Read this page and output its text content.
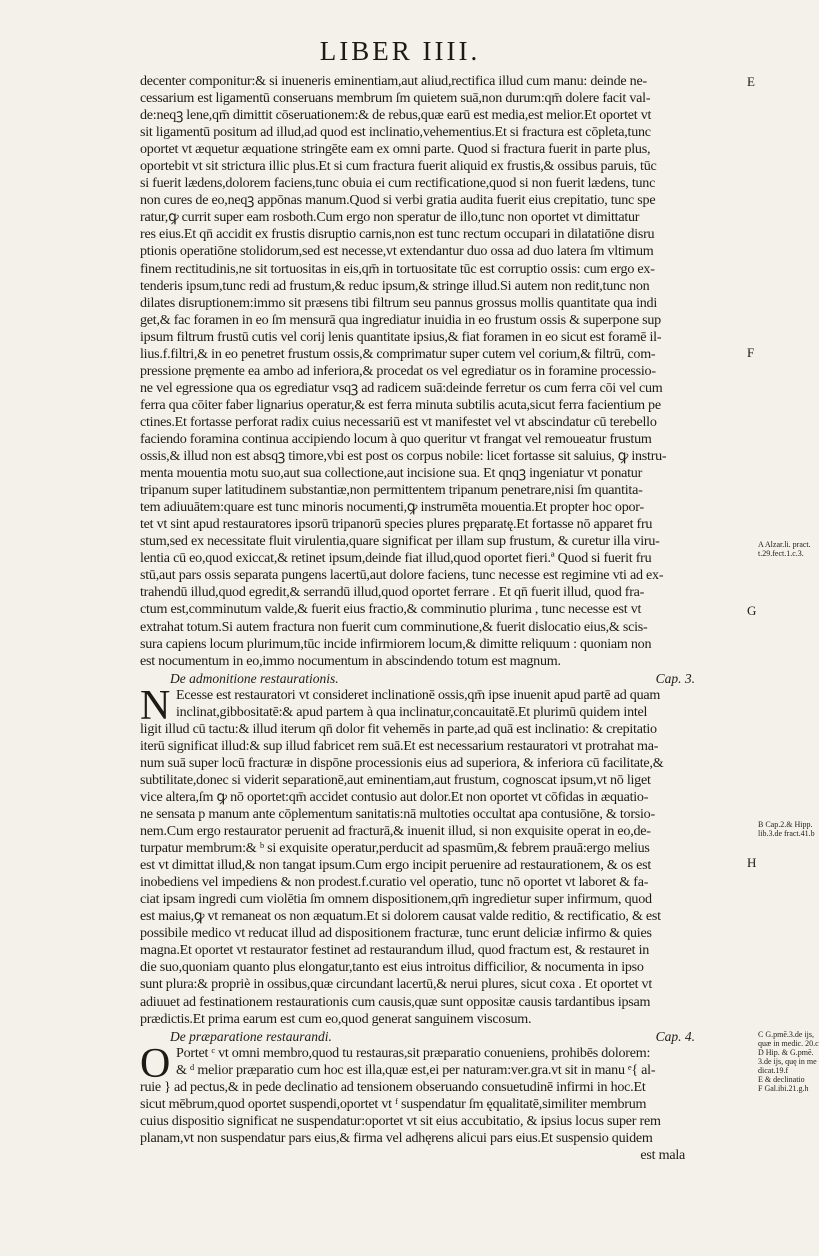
LIBER IIII.
decenter componitur:& si inueneris eminentiam,aut aliud,rectifica illud cum manu: deinde ne-
cessarium est ligamentū conseruans membrum ſm quietem suā,non durum:qm̄ dolere facit val-
de:neqꝫ lene,qm̄ dimittit cōseruationem:& de rebus,quæ earū est media,est melior.Et oportet vt
sit ligamentū positum ad illud,ad quod est inclinatio,vehementius.Et si fractura est cōpleta,tunc
oportet vt æquetur æquatione stringēte eam ex omni parte. Quod si fractura fuerit in parte plus,
oportebit vt sit strictura illic plus.Et si cum fractura fuerit aliquid ex frustis,& ossibus paruis, tūc
si fuerit lædens,dolorem faciens,tunc obuia ei cum rectificatione,quod si non fuerit lædens, tunc
non cures de eo,neqꝫ appōnas manum.Quod si verbi gratia audita fuerit eius crepitatio, tunc spe
ratur,ꝙ currit super eam rosboth.Cum ergo non speratur de illo,tunc non oportet vt dimittatur
res eius.Et qn̄ accidit ex frustis disruptio carnis,non est tunc rectum occupari in dilatatiōne disru
ptionis operatiōne stolidorum,sed est necesse,vt extendantur duo ossa ad duo latera ſm vltimum
finem rectitudinis,ne sit tortuositas in eis,qm̄ in tortuositate tūc est corruptio ossis: cum ergo ex-
tenderis ipsum,tunc redi ad frustum,& reduc ipsum,& stringe illud.Si autem non redit,tunc non
dilates disruptionem:immo sit præsens tibi filtrum seu pannus grossus mollis quantitate qua indi
get,& fac foramen in eo ſm mensurā qua ingrediatur inuidia in eo frustum ossis & superpone sup
ipsum filtrum frustū cutis vel corij lenis quantitate ipsius,& fiat foramen in eo sicut est foramē il-
lius.f.filtri,& in eo penetret frustum ossis,& comprimatur super cutem vel corium,& filtrū, com-
pressione pręmente ea ambo ad inferiora,& procedat os vel egrediatur os in foramine processio-
ne vel egressione qua os egrediatur vsqꝫ ad radicem suā:deinde ferretur os cum ferra cōi vel cum
ferra qua cōiter faber lignarius operatur,& est ferra minuta subtilis acuta,sicut ferra facientium pe
ctines.Et fortasse perforat radix cuius necessariū est vt manifestet vel vt abscindatur cū terebello
faciendo foramina continua accipiendo locum à quo queritur vt frangat vel remoueatur frustum
ossis,& illud non est absqꝫ timore,vbi est post os corpus nobile: licet fortasse sit saluius, ꝙ instru-
menta mouentia motu suo,aut sua collectione,aut incisione sua. Et qnqꝫ ingeniatur vt ponatur
tripanum super latitudinem substantiæ,non permittentem tripanum penetrare,nisi ſm quantita-
tem adiuuātem:quare est tunc minoris nocumenti,ꝙ instrumēta mouentia.Et propter hoc opor-
tet vt sint apud restauratores ipsorū tripanorū species plures pręparatę.Et fortasse nō apparet fru
stum,sed ex necessitate fluit virulentia,quare significat per illam sup frustum, & curetur illa viru-
lentia cū eo,quod exiccat,& retinet ipsum,deinde fiat illud,quod oportet fieri.ª Quod si fuerit fru
stū,aut pars ossis separata pungens lacertū,aut dolore faciens, tunc necesse est regimine vti ad ex-
trahendū illud,quod egredit,& serrandū illud,quod oportet ferrare . Et qn̄ fuerit illud, quod fra-
ctum est,comminutum valde,& fuerit eius fractio,& comminutio plurima , tunc necesse est vt
extrahat totum.Si autem fractura non fuerit cum comminutione,& fuerit dislocatio eius,& scis-
sura capiens locum plurimum,tūc incide infirmiorem locum,& dimitte reliquum : quoniam non
est nocumentum in eo,immo nocumentum in abscindendo totum est magnum.
De admonitione restaurationis.	Cap. 3.
N Ecesse est restauratori vt consideret inclinationē ossis,qm̄ ipse inuenit apud partē ad quam
inclinat,gibbositatē:& apud partem à qua inclinatur,concauitatē.Et plurimū quidem intel
ligit illud cū tactu:& illud iterum qn̄ dolor fit vehemēs in parte,ad quā est inclinatio: & crepitatio
iterū significat illud:& sup illud fabricet rem suā.Et est necessarium restauratori vt protrahat ma-
num suā super locū fracturæ in dispōne processionis eius ad superiora, & inferiora cū facilitate,&
subtilitate,donec si viderit separationē,aut eminentiam,aut frustum, cognoscat ipsum,vt nō liget
vice altera,ſm ꝙ nō oportet:qm̄ accidet contusio aut dolor.Et non oportet vt cōfidas in æquatio-
ne sensata p manum ante cōplementum sanitatis:nā multoties occultat apa contusiōne, & torsio-
nem.Cum ergo restaurator peruenit ad fracturā,& inuenit illud, si non exquisite operat in eo,de-
turpatur membrum:& ᵇ si exquisite operatur,perducit ad spasmūm,& febrem prauā:ergo melius
est vt dimittat illud,& non tangat ipsum.Cum ergo incipit peruenire ad restaurationem, & os est
inobediens vel impediens & non prodest.f.curatio vel operatio, tunc nō oportet vt laboret & fa-
ciat ipsam ingredi cum violētia ſm omnem dispositionem,qm̄ ingredietur super infirmum, quod
est maius,ꝙ vt remaneat os non æquatum.Et si dolorem causat valde reditio, & rectificatio, & est
possibile medico vt reducat illud ad dispositionem fracturæ, tunc erunt deliciæ infirmo & quies
magna.Et oportet vt restaurator festinet ad restaurandum illud, quod fractum est, & restauret in
die suo,quoniam quanto plus elongatur,tanto est eius introitus difficilior, & nocumenta in ipso
sunt plura:& propriè in ossibus,quæ circundant lacertū,& nerui plures, sicut coxa . Et oportet vt
adiuuet ad festinationem restaurationis cum causis,quæ sunt oppositæ causis tardantibus ipsam
prædictis.Et prima earum est cum eo,quod generat sanguinem viscosum.
De præparatione restaurandi.	Cap. 4.
O Portet ᶜ vt omni membro,quod tu restauras,sit præparatio conueniens, prohibēs dolorem:
& ᵈ melior præparatio cum hoc est illa,quæ est,ei per naturam:ver.gra.vt sit in manu ᵉ{ al-
ruie } ad pectus,& in pede declinatio ad tensionem obseruando consuetudinē infirmi in hoc.Et
sicut mēbrum,quod oportet suspendi,oportet vt ᶠ suspendatur ſm ęqualitatē,similiter membrum
cuius dispositio significat ne suspendatur:oportet vt sit eius accubitatio, & ipsius locus super rem
planam,vt non suspendatur pars eius,& firma vel adhęrens alicui pars eius.Et suspensio quidem
est mala
E
F
G
H
A Alzar.li. pract.
t.29.fect.1.c.3.
B Cap.2.& Hipp.
lib.3.de fract.41.b
C G.pmē.3.de ijs,
quæ in medic. 20.c
D Hip. & G.pmē.
3.de ijs, quę in me
dicat.19.f
E & declinatio
F Gal.ibi.21.g.h
